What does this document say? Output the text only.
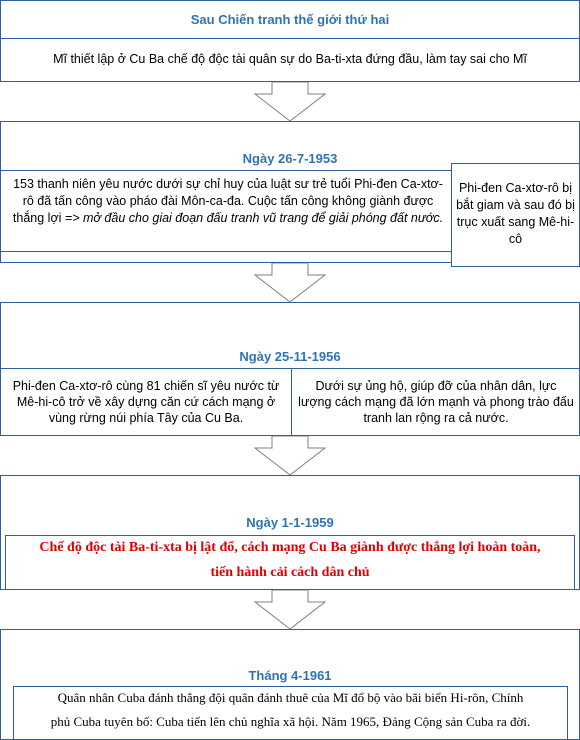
Sau Chiến tranh thế giới thứ hai
Mĩ thiết lập ở Cu Ba chế độ độc tài quân sự do Ba-ti-xta đứng đầu, làm tay sai cho Mĩ
Ngày 26-7-1953
153 thanh niên yêu nước dưới sự chỉ huy của luật sư trẻ tuổi Phi-đen Ca-xtơ-rô đã tấn công vào pháo đài Môn-ca-đa. Cuộc tấn công không giành được thắng lợi => mở đầu cho giai đoạn đấu tranh vũ trang để giải phóng đất nước.
Phi-đen Ca-xtơ-rô bị bắt giam và sau đó bị trục xuất sang Mê-hi-cô
Ngày 25-11-1956
Phi-đen Ca-xtơ-rô cùng 81 chiến sĩ yêu nước từ Mê-hi-cô trở về xây dựng căn cứ cách mạng ở vùng rừng núi phía Tây của Cu Ba.
Dưới sự ủng hộ, giúp đỡ của nhân dân, lực lượng cách mạng đã lớn mạnh và phong trào đấu tranh lan rộng ra cả nước.
Ngày 1-1-1959
Chế độ độc tài Ba-ti-xta bị lật đổ, cách mạng Cu Ba giành được thắng lợi hoàn toàn,
tiến hành cải cách dân chủ
Tháng 4-1961
Quân nhân Cuba đánh thắng đội quân đánh thuê của Mĩ đổ bộ vào bãi biển Hi-rôn, Chính
phủ Cuba tuyên bố: Cuba tiến lên chủ nghĩa xã hội. Năm 1965, Đảng Cộng sản Cuba ra đời.
